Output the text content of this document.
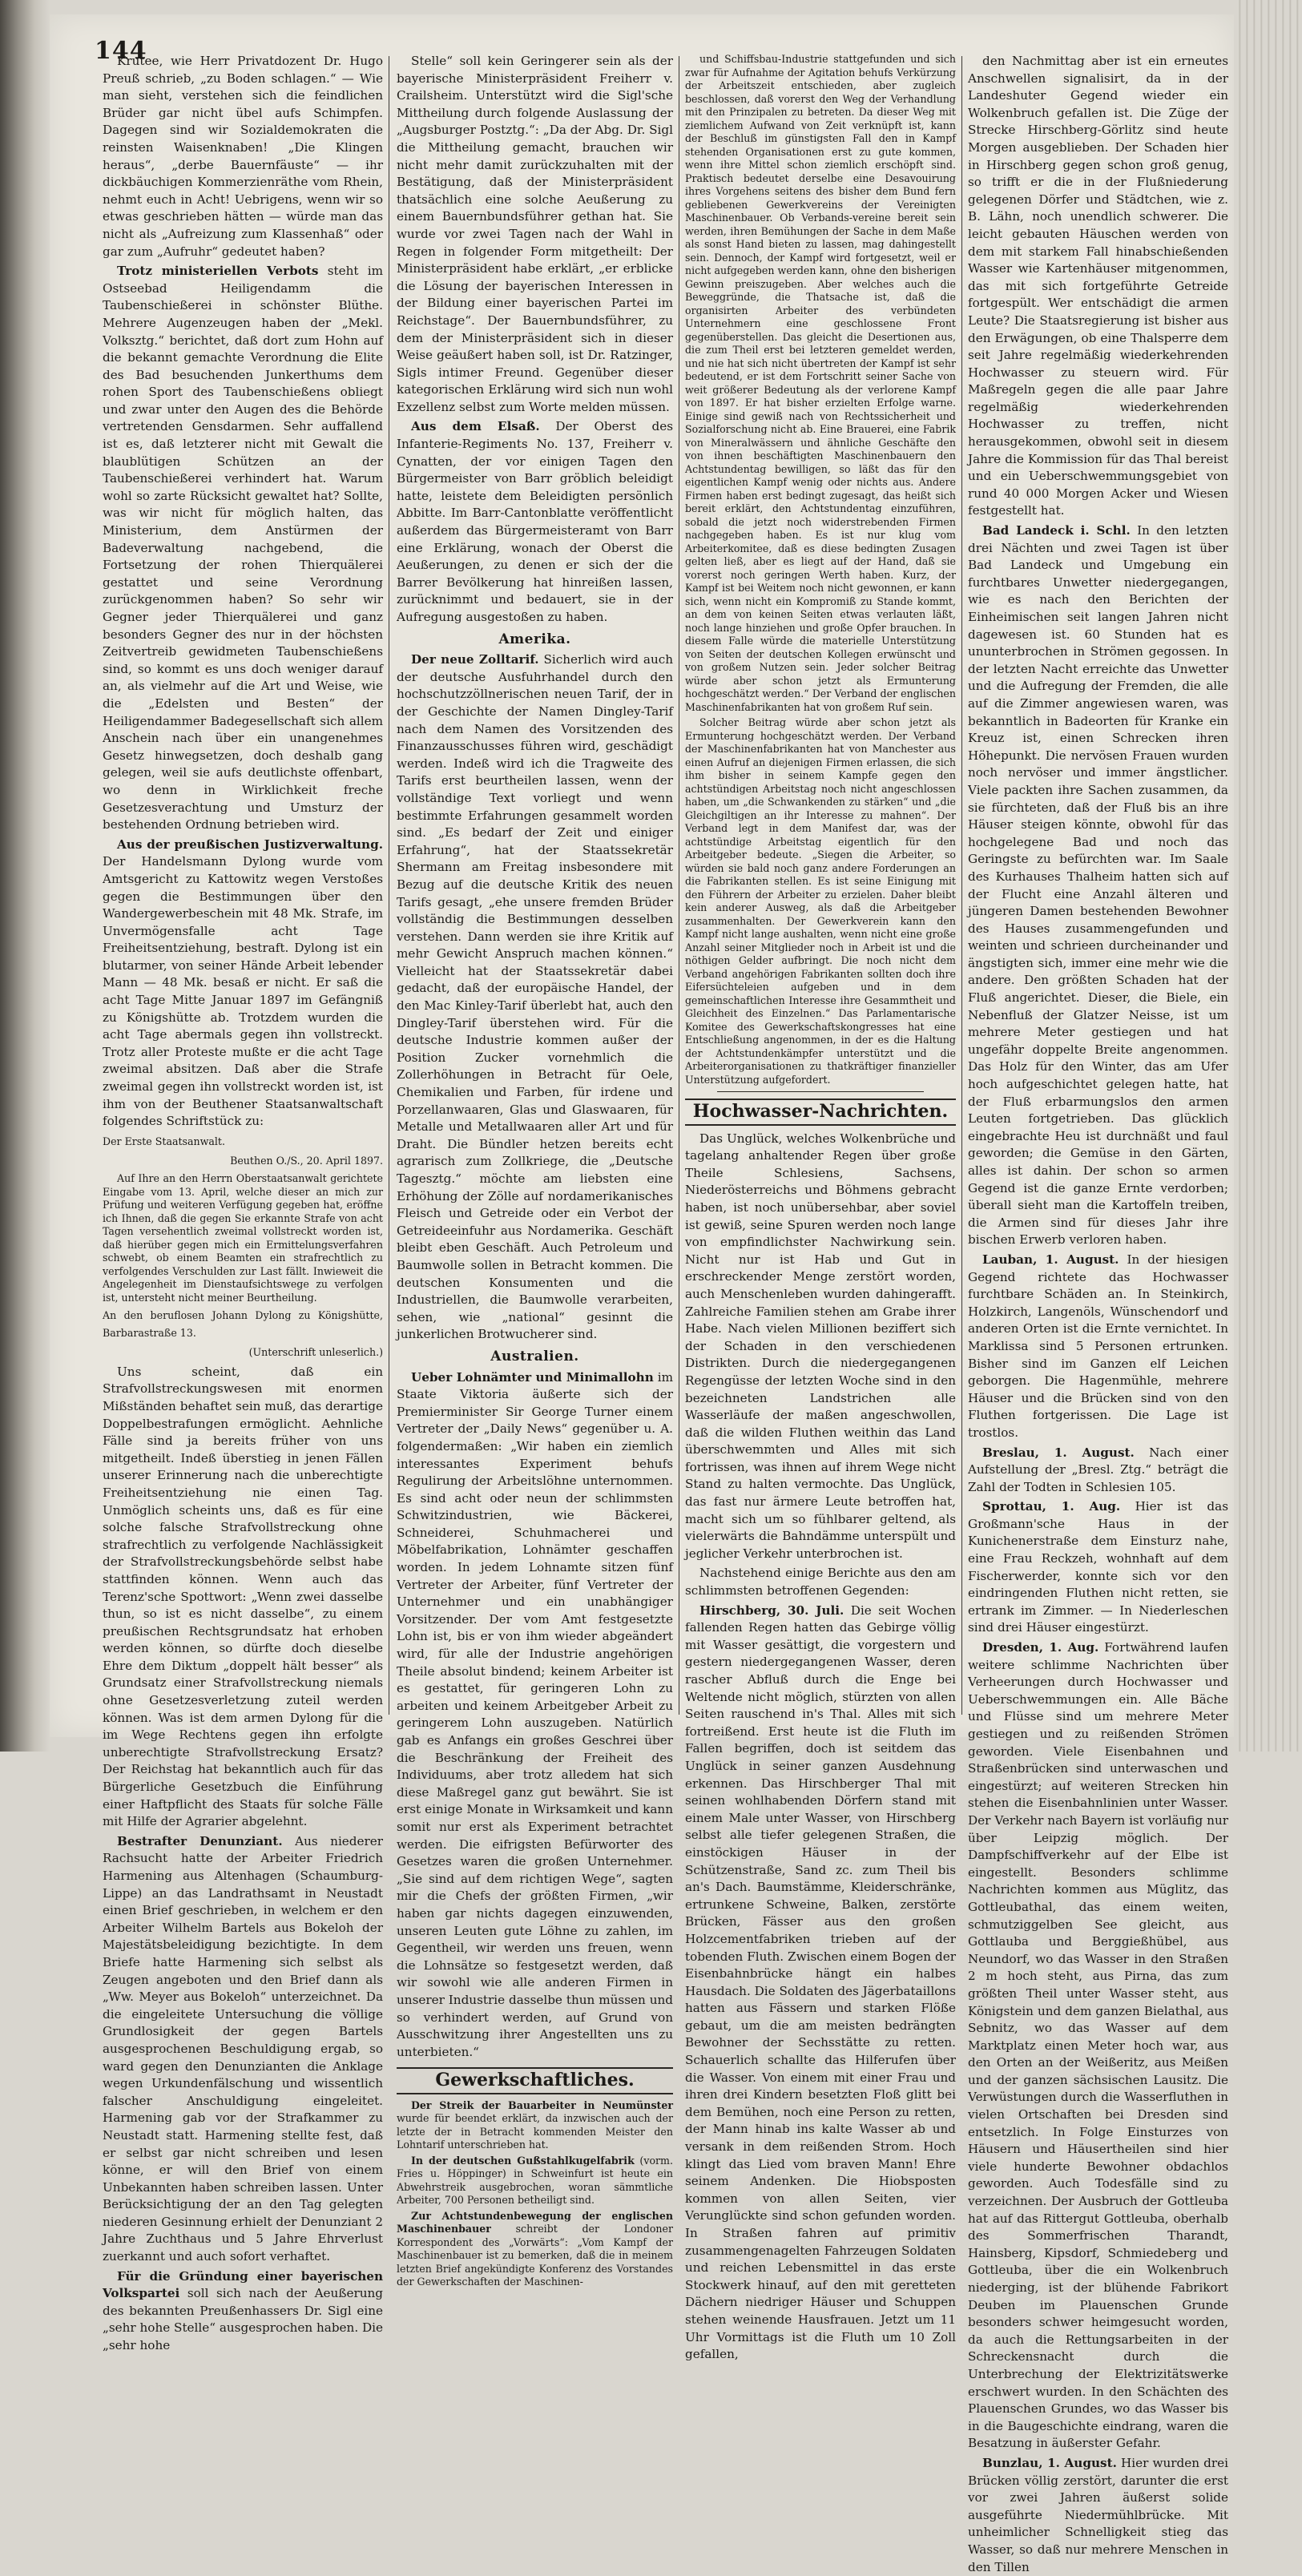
144

Krutee, wie Herr Privatdozent Dr. Hugo Preuß schrieb, „zu Boden schlagen.“ — Wie man sieht, verstehen sich die feindlichen Brüder gar nicht übel aufs Schimpfen. Dagegen sind wir Sozialdemokraten die reinsten Waisenknaben! „Die Klingen heraus“, „derbe Bauernfäuste“ — ihr dickbäuchigen Kommerzienräthe vom Rhein, nehmt euch in Acht! Uebrigens, wenn wir so etwas geschrieben hätten — würde man das nicht als „Aufreizung zum Klassenhaß“ oder gar zum „Aufruhr“ gedeutet haben?

Trotz ministeriellen Verbots steht im Ostseebad Heiligendamm die Taubenschießerei in schönster Blüthe. Mehrere Augenzeugen haben der „Mekl. Volksztg.“ berichtet, daß dort zum Hohn auf die bekannt gemachte Verordnung die Elite des Bad besuchenden Junkerthums dem rohen Sport des Taubenschießens obliegt und zwar unter den Augen des die Behörde vertretenden Gensdarmen. Sehr auffallend ist es, daß letzterer nicht mit Gewalt die blaublütigen Schützen an der Taubenschießerei verhindert hat. Warum wohl so zarte Rücksicht gewaltet hat? Sollte, was wir nicht für möglich halten, das Ministerium, dem Anstürmen der Badeverwaltung nachgebend, die Fortsetzung der rohen Thierquälerei gestattet und seine Verordnung zurückgenommen haben? So sehr wir Gegner jeder Thierquälerei und ganz besonders Gegner des nur in der höchsten Zeitvertreib gewidmeten Taubenschießens sind, so kommt es uns doch weniger darauf an, als vielmehr auf die Art und Weise, wie die „Edelsten und Besten“ der Heiligendammer Badegesellschaft sich allem Anschein nach über ein unangenehmes Gesetz hinwegsetzen, doch deshalb gang gelegen, weil sie aufs deutlichste offenbart, wo denn in Wirklichkeit freche Gesetzesverachtung und Umsturz der bestehenden Ordnung betrieben wird.

Aus der preußischen Justizverwaltung. Der Handelsmann Dylong wurde vom Amtsgericht zu Kattowitz wegen Verstoßes gegen die Bestimmungen über den Wandergewerbeschein mit 48 Mk. Strafe, im Unvermögensfalle acht Tage Freiheitsentziehung, bestraft. Dylong ist ein blutarmer, von seiner Hände Arbeit lebender Mann — 48 Mk. besaß er nicht. Er saß die acht Tage Mitte Januar 1897 im Gefängniß zu Königshütte ab. Trotzdem wurden die acht Tage abermals gegen ihn vollstreckt. Trotz aller Proteste mußte er die acht Tage zweimal absitzen. Daß aber die Strafe zweimal gegen ihn vollstreckt worden ist, ist ihm von der Beuthener Staatsanwaltschaft folgendes Schriftstück zu:

Der Erste Staatsanwalt.

Beuthen O./S., 20. April 1897.

Auf Ihre an den Herrn Oberstaatsanwalt gerichtete Eingabe vom 13. April, welche dieser an mich zur Prüfung und weiteren Verfügung gegeben hat, eröffne ich Ihnen, daß die gegen Sie erkannte Strafe von acht Tagen versehentlich zweimal vollstreckt worden ist, daß hierüber gegen mich ein Ermittelungsverfahren schwebt, ob einem Beamten ein strafrechtlich zu verfolgendes Verschulden zur Last fällt. Inwieweit die Angelegenheit im Dienstaufsichtswege zu verfolgen ist, untersteht nicht meiner Beurtheilung.

An den beruflosen Johann Dylong zu Königshütte, Barbarastraße 13.

(Unterschrift unleserlich.)

Uns scheint, daß ein Strafvollstreckungswesen mit enormen Mißständen behaftet sein muß, das derartige Doppelbestrafungen ermöglicht. Aehnliche Fälle sind ja bereits früher von uns mitgetheilt. Indeß überstieg in jenen Fällen unserer Erinnerung nach die unberechtigte Freiheitsentziehung nie einen Tag. Unmöglich scheints uns, daß es für eine solche falsche Strafvollstreckung ohne strafrechtlich zu verfolgende Nachlässigkeit der Strafvollstreckungsbehörde selbst habe stattfinden können. Wenn auch das Terenz'sche Spottwort: „Wenn zwei dasselbe thun, so ist es nicht dasselbe“, zu einem preußischen Rechtsgrundsatz hat erhoben werden können, so dürfte doch dieselbe Ehre dem Diktum „doppelt hält besser“ als Grundsatz einer Strafvollstreckung niemals ohne Gesetzesverletzung zuteil werden können. Was ist dem armen Dylong für die im Wege Rechtens gegen ihn erfolgte unberechtigte Strafvollstreckung Ersatz? Der Reichstag hat bekanntlich auch für das Bürgerliche Gesetzbuch die Einführung einer Haftpflicht des Staats für solche Fälle mit Hilfe der Agrarier abgelehnt.

Bestrafter Denunziant. Aus niederer Rachsucht hatte der Arbeiter Friedrich Harmening aus Altenhagen (Schaumburg-Lippe) an das Landrathsamt in Neustadt einen Brief geschrieben, in welchem er den Arbeiter Wilhelm Bartels aus Bokeloh der Majestätsbeleidigung bezichtigte. In dem Briefe hatte Harmening sich selbst als Zeugen angeboten und den Brief dann als „Ww. Meyer aus Bokeloh“ unterzeichnet. Da die eingeleitete Untersuchung die völlige Grundlosigkeit der gegen Bartels ausgesprochenen Beschuldigung ergab, so ward gegen den Denunzianten die Anklage wegen Urkundenfälschung und wissentlich falscher Anschuldigung eingeleitet. Harmening gab vor der Strafkammer zu Neustadt statt. Harmening stellte fest, daß er selbst gar nicht schreiben und lesen könne, er will den Brief von einem Unbekannten haben schreiben lassen. Unter Berücksichtigung der an den Tag gelegten niederen Gesinnung erhielt der Denunziant 2 Jahre Zuchthaus und 5 Jahre Ehrverlust zuerkannt und auch sofort verhaftet.

Für die Gründung einer bayerischen Volkspartei soll sich nach der Aeußerung des bekannten Preußenhassers Dr. Sigl eine „sehr hohe Stelle“ ausgesprochen haben. Die „sehr hohe

Stelle“ soll kein Geringerer sein als der bayerische Ministerpräsident Freiherr v. Crailsheim. Unterstützt wird die Sigl'sche Mittheilung durch folgende Auslassung der „Augsburger Postztg.“: „Da der Abg. Dr. Sigl die Mittheilung gemacht, brauchen wir nicht mehr damit zurückzuhalten mit der Bestätigung, daß der Ministerpräsident thatsächlich eine solche Aeußerung zu einem Bauernbundsführer gethan hat. Sie wurde vor zwei Tagen nach der Wahl in Regen in folgender Form mitgetheilt: Der Ministerpräsident habe erklärt, „er erblicke die Lösung der bayerischen Interessen in der Bildung einer bayerischen Partei im Reichstage“. Der Bauernbundsführer, zu dem der Ministerpräsident sich in dieser Weise geäußert haben soll, ist Dr. Ratzinger, Sigls intimer Freund. Gegenüber dieser kategorischen Erklärung wird sich nun wohl Exzellenz selbst zum Worte melden müssen.

Aus dem Elsaß. Der Oberst des Infanterie-Regiments No. 137, Freiherr v. Cynatten, der vor einigen Tagen den Bürgermeister von Barr gröblich beleidigt hatte, leistete dem Beleidigten persönlich Abbitte. Im Barr-Cantonblatte veröffentlicht außerdem das Bürgermeisteramt von Barr eine Erklärung, wonach der Oberst die Aeußerungen, zu denen er sich der die Barrer Bevölkerung hat hinreißen lassen, zurücknimmt und bedauert, sie in der Aufregung ausgestoßen zu haben.

Amerika.

Der neue Zolltarif. Sicherlich wird auch der deutsche Ausfuhrhandel durch den hochschutzzöllnerischen neuen Tarif, der in der Geschichte der Namen Dingley-Tarif nach dem Namen des Vorsitzenden des Finanzausschusses führen wird, geschädigt werden. Indeß wird ich die Tragweite des Tarifs erst beurtheilen lassen, wenn der vollständige Text vorliegt und wenn bestimmte Erfahrungen gesammelt worden sind. „Es bedarf der Zeit und einiger Erfahrung“, hat der Staatssekretär Shermann am Freitag insbesondere mit Bezug auf die deutsche Kritik des neuen Tarifs gesagt, „ehe unsere fremden Brüder vollständig die Bestimmungen desselben verstehen. Dann werden sie ihre Kritik auf mehr Gewicht Anspruch machen können.“ Vielleicht hat der Staatssekretär dabei gedacht, daß der europäische Handel, der den Mac Kinley-Tarif überlebt hat, auch den Dingley-Tarif überstehen wird. Für die deutsche Industrie kommen außer der Position Zucker vornehmlich die Zollerhöhungen in Betracht für Oele, Chemikalien und Farben, für irdene und Porzellanwaaren, Glas und Glaswaaren, für Metalle und Metallwaaren aller Art und für Draht. Die Bündler hetzen bereits echt agrarisch zum Zollkriege, die „Deutsche Tagesztg.“ möchte am liebsten eine Erhöhung der Zölle auf nordamerikanisches Fleisch und Getreide oder ein Verbot der Getreideeinfuhr aus Nordamerika. Geschäft bleibt eben Geschäft. Auch Petroleum und Baumwolle sollen in Betracht kommen. Die deutschen Konsumenten und die Industriellen, die Baumwolle verarbeiten, sehen, wie „national“ gesinnt die junkerlichen Brotwucherer sind.

Australien.

Ueber Lohnämter und Minimallohn im Staate Viktoria äußerte sich der Premierminister Sir George Turner einem Vertreter der „Daily News“ gegenüber u. A. folgendermaßen: „Wir haben ein ziemlich interessantes Experiment behufs Regulirung der Arbeitslöhne unternommen. Es sind acht oder neun der schlimmsten Schwitzindustrien, wie Bäckerei, Schneiderei, Schuhmacherei und Möbelfabrikation, Lohnämter geschaffen worden. In jedem Lohnamte sitzen fünf Vertreter der Arbeiter, fünf Vertreter der Unternehmer und ein unabhängiger Vorsitzender. Der vom Amt festgesetzte Lohn ist, bis er von ihm wieder abgeändert wird, für alle der Industrie angehörigen Theile absolut bindend; keinem Arbeiter ist es gestattet, für geringeren Lohn zu arbeiten und keinem Arbeitgeber Arbeit zu geringerem Lohn auszugeben. Natürlich gab es Anfangs ein großes Geschrei über die Beschränkung der Freiheit des Individuums, aber trotz alledem hat sich diese Maßregel ganz gut bewährt. Sie ist erst einige Monate in Wirksamkeit und kann somit nur erst als Experiment betrachtet werden. Die eifrigsten Befürworter des Gesetzes waren die großen Unternehmer. „Sie sind auf dem richtigen Wege“, sagten mir die Chefs der größten Firmen, „wir haben gar nichts dagegen einzuwenden, unseren Leuten gute Löhne zu zahlen, im Gegentheil, wir werden uns freuen, wenn die Lohnsätze so festgesetzt werden, daß wir sowohl wie alle anderen Firmen in unserer Industrie dasselbe thun müssen und so verhindert werden, auf Grund von Ausschwitzung ihrer Angestellten uns zu unterbieten.“

Gewerkschaftliches.

Der Streik der Bauarbeiter in Neumünster wurde für beendet erklärt, da inzwischen auch der letzte der in Betracht kommenden Meister den Lohntarif unterschrieben hat.

In der deutschen Gußstahlkugelfabrik (vorm. Fries u. Höppinger) in Schweinfurt ist heute ein Abwehrstreik ausgebrochen, woran sämmtliche Arbeiter, 700 Personen betheiligt sind.

Zur Achtstundenbewegung der englischen Maschinenbauer schreibt der Londoner Korrespondent des „Vorwärts“: „Vom Kampf der Maschinenbauer ist zu bemerken, daß die in meinem letzten Brief angekündigte Konferenz des Vorstandes der Gewerkschaften der Maschinen-

und Schiffsbau-Industrie stattgefunden und sich zwar für Aufnahme der Agitation behufs Verkürzung der Arbeitszeit entschieden, aber zugleich beschlossen, daß vorerst den Weg der Verhandlung mit den Prinzipalen zu betreten. Da dieser Weg mit ziemlichem Aufwand von Zeit verknüpft ist, kann der Beschluß im günstigsten Fall den in Kampf stehenden Organisationen erst zu gute kommen, wenn ihre Mittel schon ziemlich erschöpft sind. Praktisch bedeutet derselbe eine Desavouirung ihres Vorgehens seitens des bisher dem Bund fern gebliebenen Gewerkvereins der Vereinigten Maschinenbauer. Ob Verbands-vereine bereit sein werden, ihren Bemühungen der Sache in dem Maße als sonst Hand bieten zu lassen, mag dahingestellt sein. Dennoch, der Kampf wird fortgesetzt, weil er nicht aufgegeben werden kann, ohne den bisherigen Gewinn preiszugeben. Aber welches auch die Beweggründe, die Thatsache ist, daß die organisirten Arbeiter des verbündeten Unternehmern eine geschlossene Front gegenüberstellen. Das gleicht die Desertionen aus, die zum Theil erst bei letzteren gemeldet werden, und nie hat sich nicht übertreten der Kampf ist sehr bedeutend, er ist dem Fortschritt seiner Sache von weit größerer Bedeutung als der verlorene Kampf von 1897. Er hat bisher erzielten Erfolge warne. Einige sind gewiß nach von Rechtssicherheit und Sozialforschung nicht ab. Eine Brauerei, eine Fabrik von Mineralwässern und ähnliche Geschäfte den von ihnen beschäftigten Maschinenbauern den Achtstundentag bewilligen, so läßt das für den eigentlichen Kampf wenig oder nichts aus. Andere Firmen haben erst bedingt zugesagt, das heißt sich bereit erklärt, den Achtstundentag einzuführen, sobald die jetzt noch widerstrebenden Firmen nachgegeben haben. Es ist nur klug vom Arbeiterkomitee, daß es diese bedingten Zusagen gelten ließ, aber es liegt auf der Hand, daß sie vorerst noch geringen Werth haben. Kurz, der Kampf ist bei Weitem noch nicht gewonnen, er kann sich, wenn nicht ein Kompromiß zu Stande kommt, an dem von keinen Seiten etwas verlauten läßt, noch lange hinziehen und große Opfer brauchen. In diesem Falle würde die materielle Unterstützung von Seiten der deutschen Kollegen erwünscht und von großem Nutzen sein. Jeder solcher Beitrag würde aber schon jetzt als Ermunterung hochgeschätzt werden.“ Der Verband der englischen Maschinenfabrikanten hat von großem Ruf sein.

Solcher Beitrag würde aber schon jetzt als Ermunterung hochgeschätzt werden. Der Verband der Maschinenfabrikanten hat von Manchester aus einen Aufruf an diejenigen Firmen erlassen, die sich ihm bisher in seinem Kampfe gegen den achtstündigen Arbeitstag noch nicht angeschlossen haben, um „die Schwankenden zu stärken“ und „die Gleichgiltigen an ihr Interesse zu mahnen“. Der Verband legt in dem Manifest dar, was der achtstündige Arbeitstag eigentlich für den Arbeitgeber bedeute. „Siegen die Arbeiter, so würden sie bald noch ganz andere Forderungen an die Fabrikanten stellen. Es ist seine Einigung mit den Führern der Arbeiter zu erzielen. Daher bleibt kein anderer Ausweg, als daß die Arbeitgeber zusammenhalten. Der Gewerkverein kann den Kampf nicht lange aushalten, wenn nicht eine große Anzahl seiner Mitglieder noch in Arbeit ist und die nöthigen Gelder aufbringt. Die noch nicht dem Verband angehörigen Fabrikanten sollten doch ihre Eifersüchteleien aufgeben und in dem gemeinschaftlichen Interesse ihre Gesammtheit und Gleichheit des Einzelnen.“ Das Parlamentarische Komitee des Gewerkschaftskongresses hat eine Entschließung angenommen, in der es die Haltung der Achtstundenkämpfer unterstützt und die Arbeiterorganisationen zu thatkräftiger finanzieller Unterstützung aufgefordert.

Hochwasser-Nachrichten.

Das Unglück, welches Wolkenbrüche und tagelang anhaltender Regen über große Theile Schlesiens, Sachsens, Niederösterreichs und Böhmens gebracht haben, ist noch unübersehbar, aber soviel ist gewiß, seine Spuren werden noch lange von empfindlichster Nachwirkung sein. Nicht nur ist Hab und Gut in erschreckender Menge zerstört worden, auch Menschenleben wurden dahingerafft. Zahlreiche Familien stehen am Grabe ihrer Habe. Nach vielen Millionen beziffert sich der Schaden in den verschiedenen Distrikten. Durch die niedergegangenen Regengüsse der letzten Woche sind in den bezeichneten Landstrichen alle Wasserläufe der maßen angeschwollen, daß die wilden Fluthen weithin das Land überschwemmten und Alles mit sich fortrissen, was ihnen auf ihrem Wege nicht Stand zu halten vermochte. Das Unglück, das fast nur ärmere Leute betroffen hat, macht sich um so fühlbarer geltend, als vielerwärts die Bahndämme unterspült und jeglicher Verkehr unterbrochen ist.

Nachstehend einige Berichte aus den am schlimmsten betroffenen Gegenden:

Hirschberg, 30. Juli. Die seit Wochen fallenden Regen hatten das Gebirge völlig mit Wasser gesättigt, die vorgestern und gestern niedergegangenen Wasser, deren rascher Abfluß durch die Enge bei Weltende nicht möglich, stürzten von allen Seiten rauschend in's Thal. Alles mit sich fortreißend. Erst heute ist die Fluth im Fallen begriffen, doch ist seitdem das Unglück in seiner ganzen Ausdehnung erkennen. Das Hirschberger Thal mit seinen wohlhabenden Dörfern stand mit einem Male unter Wasser, von Hirschberg selbst alle tiefer gelegenen Straßen, die einstöckigen Häuser in der Schützenstraße, Sand zc. zum Theil bis an's Dach. Baumstämme, Kleiderschränke, ertrunkene Schweine, Balken, zerstörte Brücken, Fässer aus den großen Holzcementfabriken trieben auf der tobenden Fluth. Zwischen einem Bogen der Eisenbahnbrücke hängt ein halbes Hausdach. Die Soldaten des Jägerbataillons hatten aus Fässern und starken Flöße gebaut, um die am meisten bedrängten Bewohner der Sechsstätte zu retten. Schauerlich schallte das Hilferufen über die Wasser. Von einem mit einer Frau und ihren drei Kindern besetzten Floß glitt bei dem Bemühen, noch eine Person zu retten, der Mann hinab ins kalte Wasser ab und versank in dem reißenden Strom. Hoch klingt das Lied vom braven Mann! Ehre seinem Andenken. Die Hiobsposten kommen von allen Seiten, vier Verunglückte sind schon gefunden worden. In Straßen fahren auf primitiv zusammengenagelten Fahrzeugen Soldaten und reichen Lebensmittel in das erste Stockwerk hinauf, auf den mit geretteten Dächern niedriger Häuser und Schuppen stehen weinende Hausfrauen. Jetzt um 11 Uhr Vormittags ist die Fluth um 10 Zoll gefallen,

den Nachmittag aber ist ein erneutes Anschwellen signalisirt, da in der Landeshuter Gegend wieder ein Wolkenbruch gefallen ist. Die Züge der Strecke Hirschberg-Görlitz sind heute Morgen ausgeblieben. Der Schaden hier in Hirschberg gegen schon groß genug, so trifft er die in der Flußniederung gelegenen Dörfer und Städtchen, wie z. B. Lähn, noch unendlich schwerer. Die leicht gebauten Häuschen werden von dem mit starkem Fall hinabschießenden Wasser wie Kartenhäuser mitgenommen, das mit sich fortgeführte Getreide fortgespült. Wer entschädigt die armen Leute? Die Staatsregierung ist bisher aus den Erwägungen, ob eine Thalsperre dem seit Jahre regelmäßig wiederkehrenden Hochwasser zu steuern wird. Für Maßregeln gegen die alle paar Jahre regelmäßig wiederkehrenden Hochwasser zu treffen, nicht herausgekommen, obwohl seit in diesem Jahre die Kommission für das Thal bereist und ein Ueberschwemmungsgebiet von rund 40 000 Morgen Acker und Wiesen festgestellt hat.

Bad Landeck i. Schl. In den letzten drei Nächten und zwei Tagen ist über Bad Landeck und Umgebung ein furchtbares Unwetter niedergegangen, wie es nach den Berichten der Einheimischen seit langen Jahren nicht dagewesen ist. 60 Stunden hat es ununterbrochen in Strömen gegossen. In der letzten Nacht erreichte das Unwetter und die Aufregung der Fremden, die alle auf die Zimmer angewiesen waren, was bekanntlich in Badeorten für Kranke ein Kreuz ist, einen Schrecken ihren Höhepunkt. Die nervösen Frauen wurden noch nervöser und immer ängstlicher. Viele packten ihre Sachen zusammen, da sie fürchteten, daß der Fluß bis an ihre Häuser steigen könnte, obwohl für das hochgelegene Bad und noch das Geringste zu befürchten war. Im Saale des Kurhauses Thalheim hatten sich auf der Flucht eine Anzahl älteren und jüngeren Damen bestehenden Bewohner des Hauses zusammengefunden und weinten und schrieen durcheinander und ängstigten sich, immer eine mehr wie die andere. Den größten Schaden hat der Fluß angerichtet. Dieser, die Biele, ein Nebenfluß der Glatzer Neisse, ist um mehrere Meter gestiegen und hat ungefähr doppelte Breite angenommen. Das Holz für den Winter, das am Ufer hoch aufgeschichtet gelegen hatte, hat der Fluß erbarmungslos den armen Leuten fortgetrieben. Das glücklich eingebrachte Heu ist durchnäßt und faul geworden; die Gemüse in den Gärten, alles ist dahin. Der schon so armen Gegend ist die ganze Ernte verdorben; überall sieht man die Kartoffeln treiben, die Armen sind für dieses Jahr ihre bischen Erwerb verloren haben.

Lauban, 1. August. In der hiesigen Gegend richtete das Hochwasser furchtbare Schäden an. In Steinkirch, Holzkirch, Langenöls, Wünschendorf und anderen Orten ist die Ernte vernichtet. In Marklissa sind 5 Personen ertrunken. Bisher sind im Ganzen elf Leichen geborgen. Die Hagenmühle, mehrere Häuser und die Brücken sind von den Fluthen fortgerissen. Die Lage ist trostlos.

Breslau, 1. August. Nach einer Aufstellung der „Bresl. Ztg.“ beträgt die Zahl der Todten in Schlesien 105.

Sprottau, 1. Aug. Hier ist das Großmann'sche Haus in der Kunichenerstraße dem Einsturz nahe, eine Frau Reckzeh, wohnhaft auf dem Fischerwerder, konnte sich vor den eindringenden Fluthen nicht retten, sie ertrank im Zimmer. — In Niederleschen sind drei Häuser eingestürzt.

Dresden, 1. Aug. Fortwährend laufen weitere schlimme Nachrichten über Verheerungen durch Hochwasser und Ueberschwemmungen ein. Alle Bäche und Flüsse sind um mehrere Meter gestiegen und zu reißenden Strömen geworden. Viele Eisenbahnen und Straßenbrücken sind unterwaschen und eingestürzt; auf weiteren Strecken hin stehen die Eisenbahnlinien unter Wasser. Der Verkehr nach Bayern ist vorläufig nur über Leipzig möglich. Der Dampfschiffverkehr auf der Elbe ist eingestellt. Besonders schlimme Nachrichten kommen aus Müglitz, das Gottleubathal, das einem weiten, schmutziggelben See gleicht, aus Gottlauba und Berggießhübel, aus Neundorf, wo das Wasser in den Straßen 2 m hoch steht, aus Pirna, das zum größten Theil unter Wasser steht, aus Königstein und dem ganzen Bielathal, aus Sebnitz, wo das Wasser auf dem Marktplatz einen Meter hoch war, aus den Orten an der Weißeritz, aus Meißen und der ganzen sächsischen Lausitz. Die Verwüstungen durch die Wasserfluthen in vielen Ortschaften bei Dresden sind entsetzlich. In Folge Einsturzes von Häusern und Häusertheilen sind hier viele hunderte Bewohner obdachlos geworden. Auch Todesfälle sind zu verzeichnen. Der Ausbruch der Gottleuba hat auf das Rittergut Gottleuba, oberhalb des Sommerfrischen Tharandt, Hainsberg, Kipsdorf, Schmiedeberg und Gottleuba, über die ein Wolkenbruch niederging, ist der blühende Fabrikort Deuben im Plauenschen Grunde besonders schwer heimgesucht worden, da auch die Rettungsarbeiten in der Schreckensnacht durch die Unterbrechung der Elektrizitätswerke erschwert wurden. In den Schächten des Plauenschen Grundes, wo das Wasser bis in die Baugeschichte eindrang, waren die Besatzung in äußerster Gefahr.

Bunzlau, 1. August. Hier wurden drei Brücken völlig zerstört, darunter die erst vor zwei Jahren äußerst solide ausgeführte Niedermühlbrücke. Mit unheimlicher Schnelligkeit stieg das Wasser, so daß nur mehrere Menschen in den Tillen
